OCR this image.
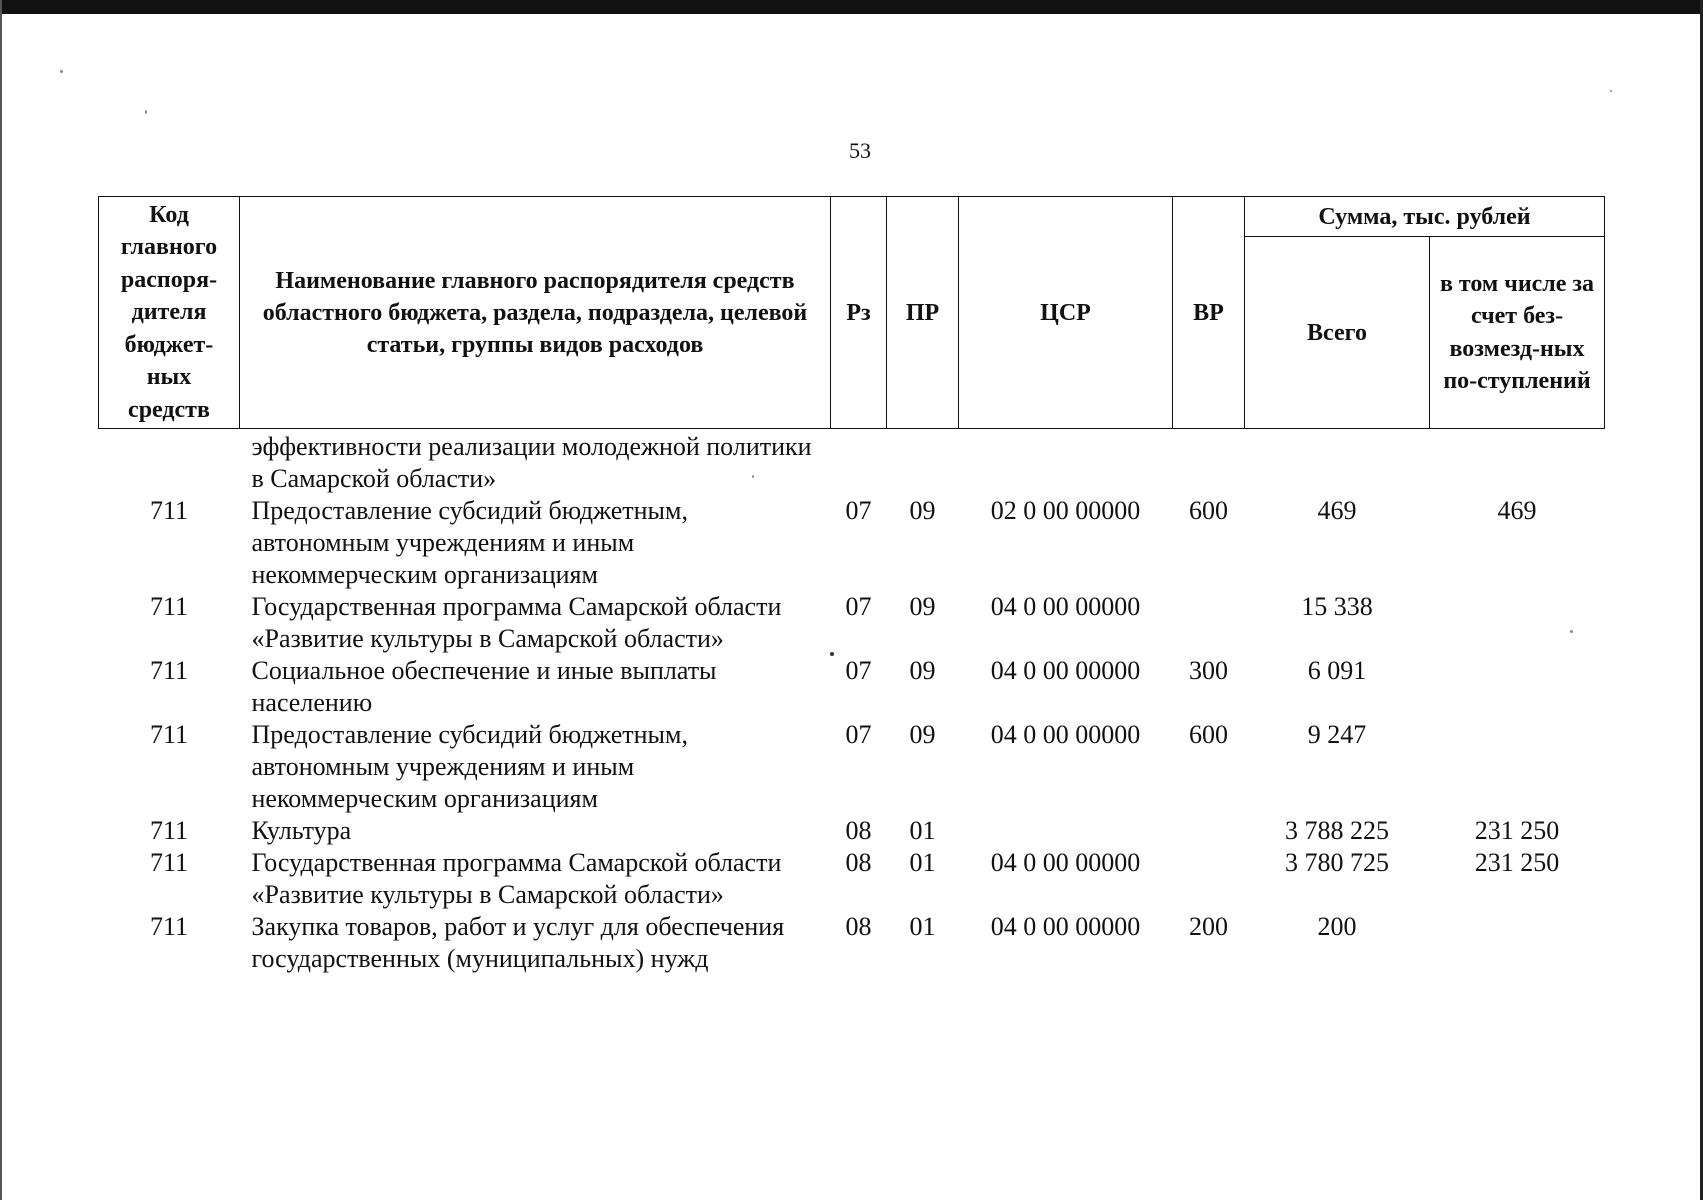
53
Код главного распоря-дителя бюджет-ных средств	Наименование главного распорядителя средств областного бюджета, раздела, подраздела, целевой статьи, группы видов расходов	Рз	ПР	ЦСР	ВР	Сумма, тыс. рублей	
						Всего	в том числе за счет без-возмезд-ных по-ступлений
	эффективности реализации молодежной политики в Самарской области»						
711	Предоставление субсидий бюджетным, автономным учреждениям и иным некоммерческим организациям	07	09	02 0 00 00000	600	469	469
711	Государственная программа Самарской области «Развитие культуры в Самарской области»	07	09	04 0 00 00000		15 338	
711	Социальное обеспечение и иные выплаты населению	07	09	04 0 00 00000	300	6 091	
711	Предоставление субсидий бюджетным, автономным учреждениям и иным некоммерческим организациям	07	09	04 0 00 00000	600	9 247	
711	Культура	08	01			3 788 225	231 250
711	Государственная программа Самарской области «Развитие культуры в Самарской области»	08	01	04 0 00 00000		3 780 725	231 250
711	Закупка товаров, работ и услуг для обеспечения государственных (муниципальных) нужд	08	01	04 0 00 00000	200	200	
